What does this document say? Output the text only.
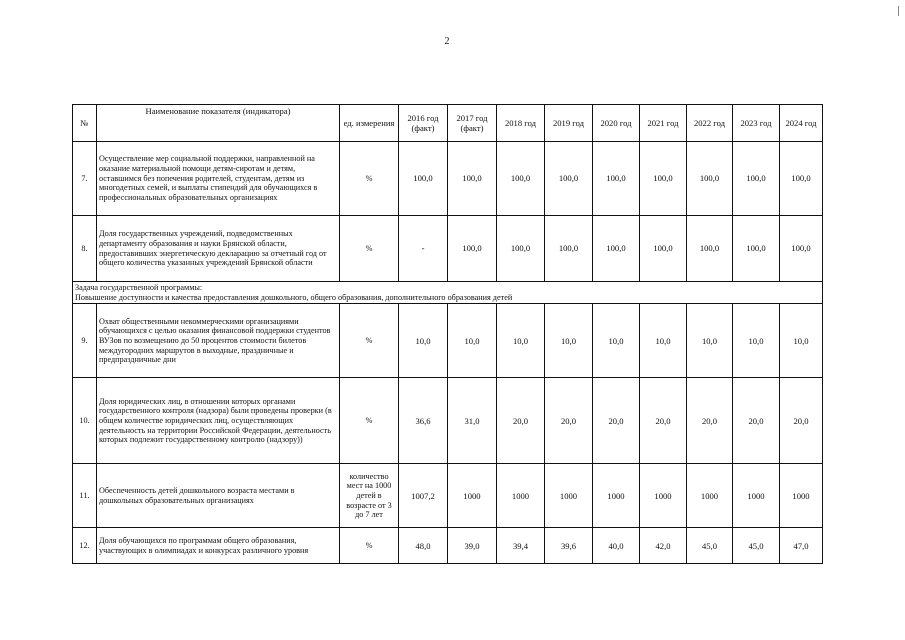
2
№	Наименование показателя (индикатора)	ед. измерения	2016 год (факт)	2017 год (факт)	2018 год	2019 год	2020 год	2021 год	2022 год	2023 год	2024 год
7.	Осуществление мер социальной поддержки, направленной на оказание материальной помощи детям-сиротам и детям, оставшимся без попечения родителей, студентам, детям из многодетных семей, и выплаты стипендий для обучающихся в профессиональных образовательных организациях	%	100,0	100,0	100,0	100,0	100,0	100,0	100,0	100,0	100,0
8.	Доля государственных учреждений, подведомственных департаменту образования и науки Брянской области, предоставивших энергетическую декларацию за отчетный год от общего количества указанных учреждений Брянской области	%	-	100,0	100,0	100,0	100,0	100,0	100,0	100,0	100,0

Задача государственной программы:
Повышение доступности и качества предоставления дошкольного, общего образования, дополнительного образования детей											

9.	Охват общественными некоммерческими организациями обучающихся с целью оказания финансовой поддержки студентов ВУЗов по возмещению до 50 процентов стоимости билетов междугородних маршрутов в выходные, праздничные и предпраздничные дни	%	10,0	10,0	10,0	10,0	10,0	10,0	10,0	10,0	10,0
10.	Доля юридических лиц, в отношении которых органами государственного контроля (надзора) были проведены проверки (в общем количестве юридических лиц, осуществляющих деятельность на территории Российской Федерации, деятельность которых подлежит государственному контролю (надзору))	%	36,6	31,0	20,0	20,0	20,0	20,0	20,0	20,0	20,0
11.	Обеспеченность детей дошкольного возраста местами в дошкольных образовательных организациях	количество мест на 1000 детей в возрасте от 3 до 7 лет	1007,2	1000	1000	1000	1000	1000	1000	1000	1000
12.	Доля обучающихся по программам общего образования, участвующих в олимпиадах и конкурсах различного уровня	%	48,0	39,0	39,4	39,6	40,0	42,0	45,0	45,0	47,0
